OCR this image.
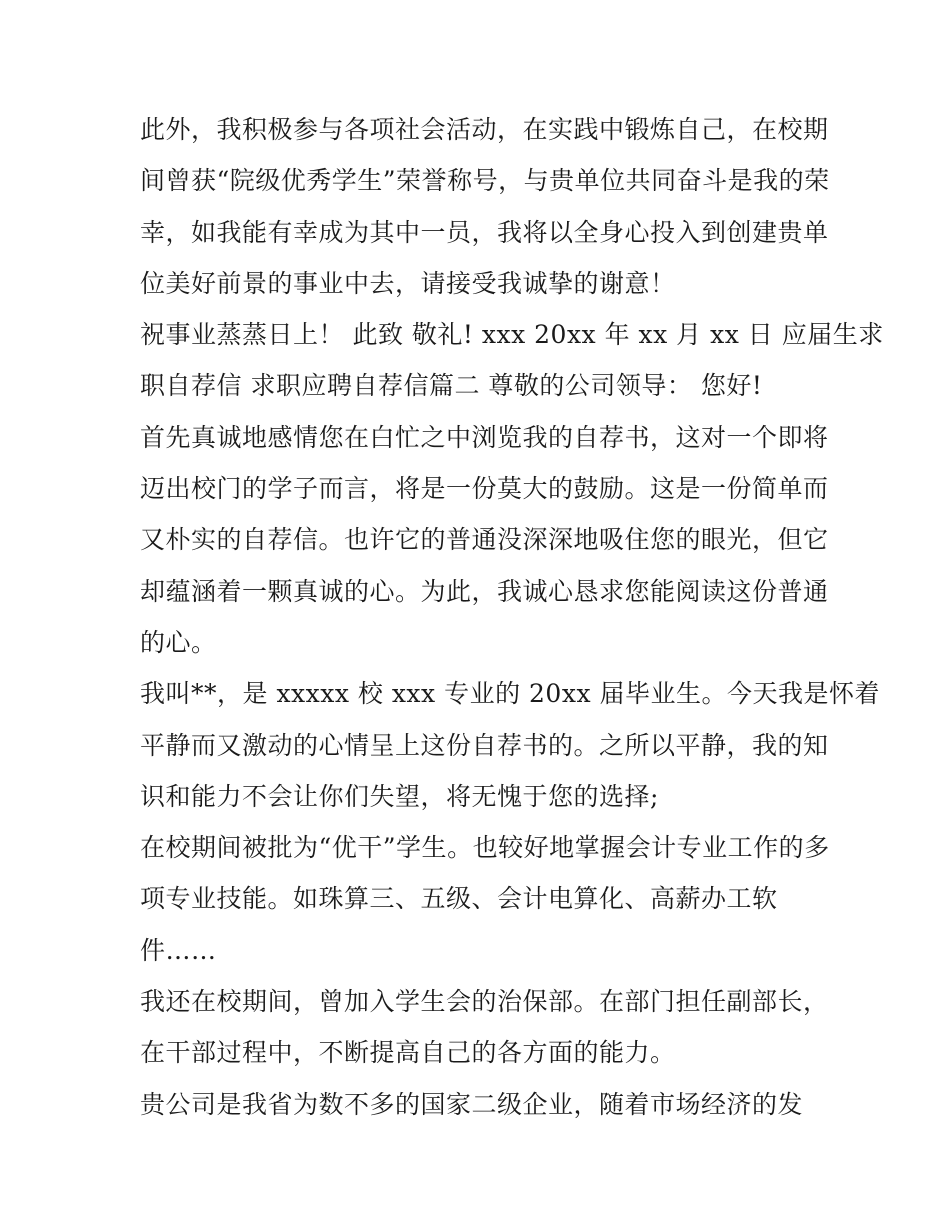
此外，我积极参与各项社会活动，在实践中锻炼自己，在校期
间曾获“院级优秀学生”荣誉称号，与贵单位共同奋斗是我的荣
幸，如我能有幸成为其中一员，我将以全身心投入到创建贵单
位美好前景的事业中去，请接受我诚挚的谢意！
祝事业蒸蒸日上！ 此致 敬礼! xxx 20xx 年 xx 月 xx 日 应届生求
职自荐信 求职应聘自荐信篇二 尊敬的公司领导： 您好!
首先真诚地感情您在白忙之中浏览我的自荐书，这对一个即将
迈出校门的学子而言，将是一份莫大的鼓励。这是一份简单而
又朴实的自荐信。也许它的普通没深深地吸住您的眼光，但它
却蕴涵着一颗真诚的心。为此，我诚心恳求您能阅读这份普通
的心。
我叫**，是 xxxxx 校 xxx 专业的 20xx 届毕业生。今天我是怀着
平静而又激动的心情呈上这份自荐书的。之所以平静，我的知
识和能力不会让你们失望，将无愧于您的选择;
在校期间被批为“优干”学生。也较好地掌握会计专业工作的多
项专业技能。如珠算三、五级、会计电算化、高薪办工软
件……
我还在校期间，曾加入学生会的治保部。在部门担任副部长，
在干部过程中，不断提高自己的各方面的能力。
贵公司是我省为数不多的国家二级企业，随着市场经济的发
